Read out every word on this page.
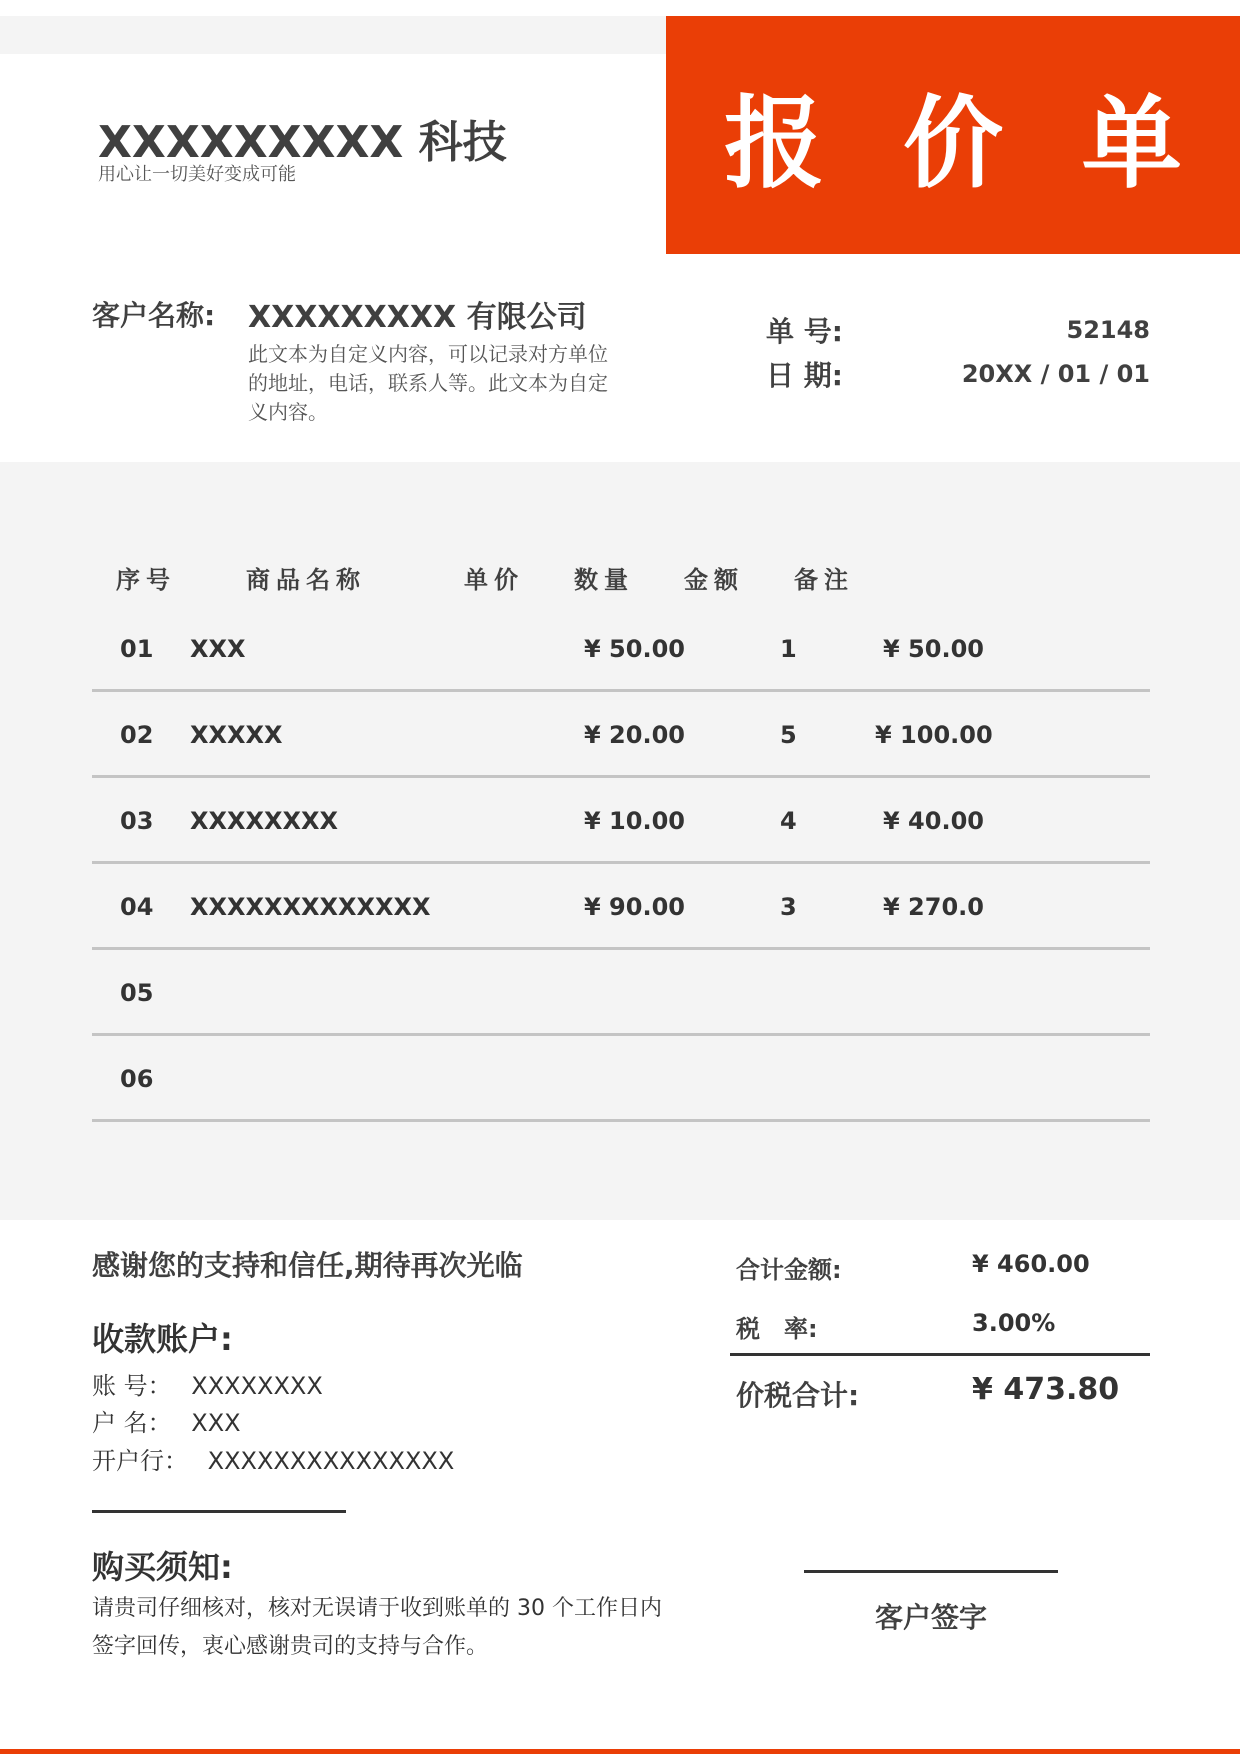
报 价 单
XXXXXXXXX 科技
用心让一切美好变成可能
客户名称: XXXXXXXXX 有限公司
此文本为自定义内容，可以记录对方单位的地址，电话，联系人等。此文本为自定义内容。
单 号:	52148
日 期:	20XX / 01 / 01
序号	商品名称	单价 数量 金额 备注
01 XXX	¥ 50.00	1	¥ 50.00
02 XXXXX	¥ 20.00	5	¥ 100.00
03 XXXXXXXX	¥ 10.00	4	¥ 40.00
04 XXXXXXXXXXXXX	¥ 90.00	3	¥ 270.0
05
06
感谢您的支持和信任,期待再次光临
收款账户:
账 号： XXXXXXXX
户 名： XXX
开户行： XXXXXXXXXXXXXXX
购买须知:
请贵司仔细核对，核对无误请于收到账单的 30 个工作日内签字回传，衷心感谢贵司的支持与合作。
合计金额:	¥ 460.00
税　率:	3.00%
价税合计:	¥ 473.80
客户签字
